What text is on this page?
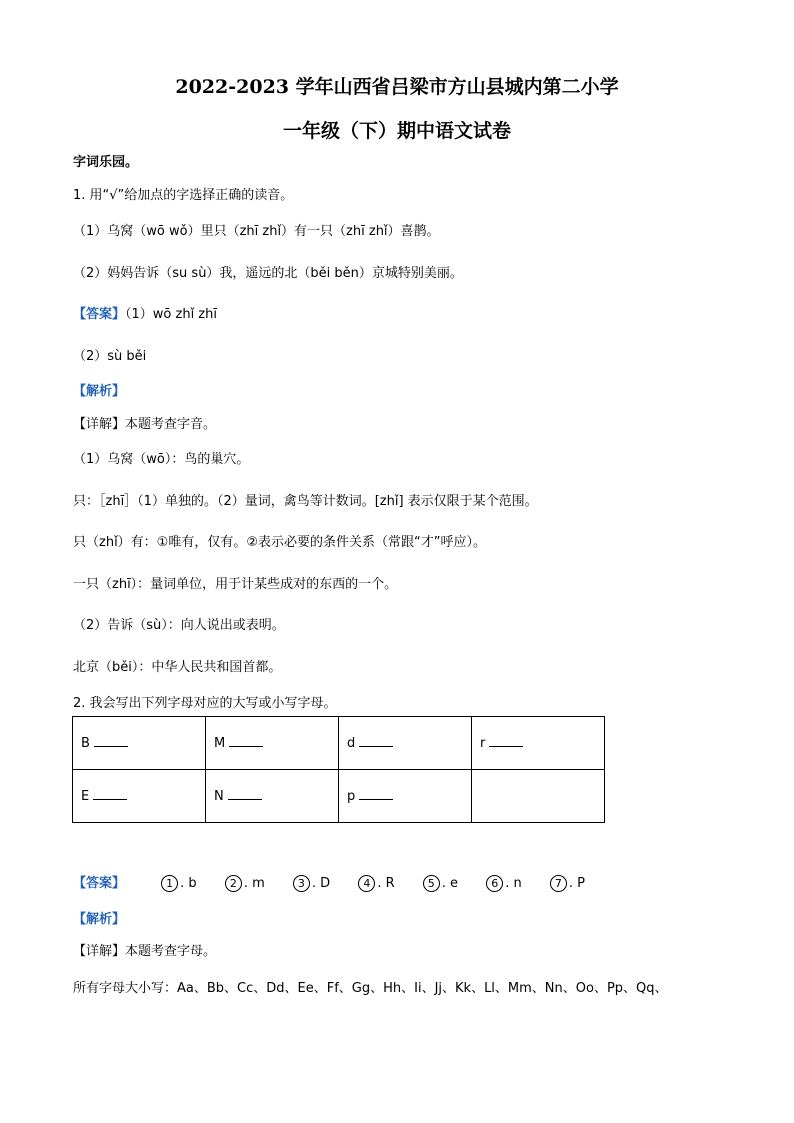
2022-2023 学年山西省吕梁市方山县城内第二小学
一年级（下）期中语文试卷
字词乐园。
1. 用“√”给加点的字选择正确的读音。
（1）乌窝（wō wǒ）里只（zhī zhǐ）有一只（zhī zhǐ）喜鹊。
（2）妈妈告诉（su sù）我，遥远的北（běi běn）京城特别美丽。
【答案】（1）wō zhǐ zhī
（2）sù běi
【解析】
【详解】本题考查字音。
（1）乌窝（wō）：鸟的巢穴。
只：［zhī］（1）单独的。（2）量词，禽鸟等计数词。[zhǐ] 表示仅限于某个范围。
只（zhǐ）有：①唯有，仅有。②表示必要的条件关系（常跟“才”呼应）。
一只（zhī）：量词单位，用于计某些成对的东西的一个。
（2）告诉（sù）：向人说出或表明。
北京（běi）：中华人民共和国首都。
2. 我会写出下列字母对应的大写或小写字母。
B	M	d	r
E	N	p	
【答案】	1 . b	2 . m	3 . D	4 . R	5 . e	6 . n	7 . P
【解析】
【详解】本题考查字母。
所有字母大小写：Aa、Bb、Cc、Dd、Ee、Ff、Gg、Hh、Ii、Jj、Kk、Ll、Mm、Nn、Oo、Pp、Qq、
